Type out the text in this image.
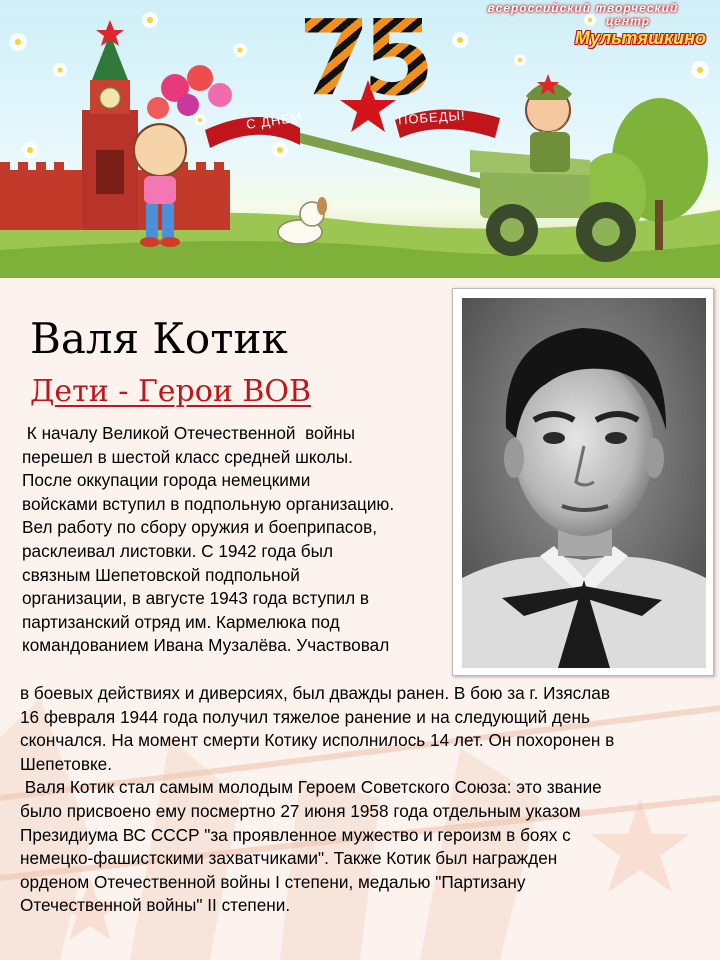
75
С ДНЕМ	ПОБЕДЫ!
всероссийский творческий
центр
Мультяшкино
Валя Котик
Дети - Герои ВОВ
К началу Великой Отечественной  войны
перешел в шестой класс средней школы.
После оккупации города немецкими
войсками вступил в подпольную организацию.
Вел работу по сбору оружия и боеприпасов,
расклеивал листовки. С 1942 года был
связным Шепетовской подпольной
организации, в августе 1943 года вступил в
партизанский отряд им. Кармелюка под
командованием Ивана Музалёва. Участвовал
в боевых действиях и диверсиях, был дважды ранен. В бою за г. Изяслав
16 февраля 1944 года получил тяжелое ранение и на следующий день
скончался. На момент смерти Котику исполнилось 14 лет. Он похоронен в
Шепетовке.
Валя Котик стал самым молодым Героем Советского Союза: это звание
было присвоено ему посмертно 27 июня 1958 года отдельным указом
Президиума ВС СССР "за проявленное мужество и героизм в боях с
немецко-фашистскими захватчиками". Также Котик был награжден
орденом Отечественной войны I степени, медалью "Партизану
Отечественной войны" II степени.
